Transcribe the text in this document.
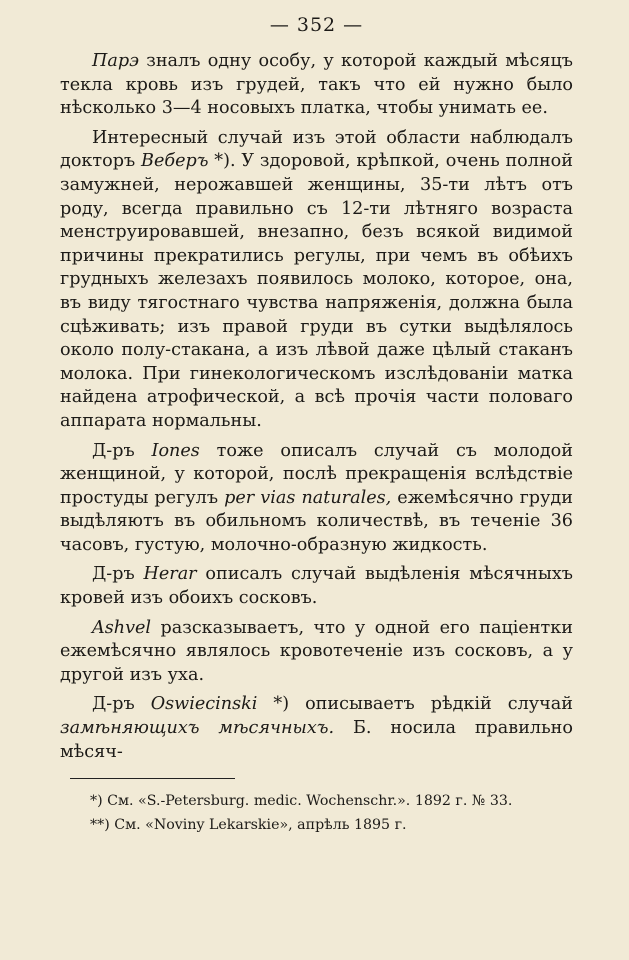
— 352 —

Парэ зналъ одну особу, у которой каждый мѣсяцъ текла кровь изъ грудей, такъ что ей нужно было нѣсколько 3—4 носовыхъ платка, чтобы унимать ее.

Интересный случай изъ этой области наблюдалъ докторъ Веберъ *). У здоровой, крѣпкой, очень полной замужней, нерожавшей женщины, 35-ти лѣтъ отъ роду, всегда правильно съ 12-ти лѣтняго возраста менструировавшей, внезапно, безъ всякой видимой причины прекратились регулы, при чемъ въ обѣихъ грудныхъ железахъ появилось молоко, которое, она, въ виду тягостнаго чувства напряженія, должна была сцѣживать; изъ правой груди въ сутки выдѣлялось около полу-стакана, а изъ лѣвой даже цѣлый стаканъ молока. При гинекологическомъ изслѣдованіи матка найдена атрофической, а всѣ прочія части половаго аппарата нормальны.

Д-ръ Iones тоже описалъ случай съ молодой женщиной, у которой, послѣ прекращенія вслѣдствіе простуды регулъ per vias naturales, ежемѣсячно груди выдѣляютъ въ обильномъ количествѣ, въ теченіе 36 часовъ, густую, молочно-образную жидкость.

Д-ръ Herar описалъ случай выдѣленія мѣсячныхъ кровей изъ обоихъ сосковъ.

Ashvel разсказываетъ, что у одной его паціентки ежемѣсячно являлось кровотеченіе изъ сосковъ, а у другой изъ уха.

Д-ръ Oswiecinski *) описываетъ рѣдкій случай замѣняющихъ мѣсячныхъ. Б. носила правильно мѣсяч-

*) См. «S.-Petersburg. medic. Wochenschr.». 1892 г. № 33.
**) См. «Noviny Lekarskie», апрѣль 1895 г.
